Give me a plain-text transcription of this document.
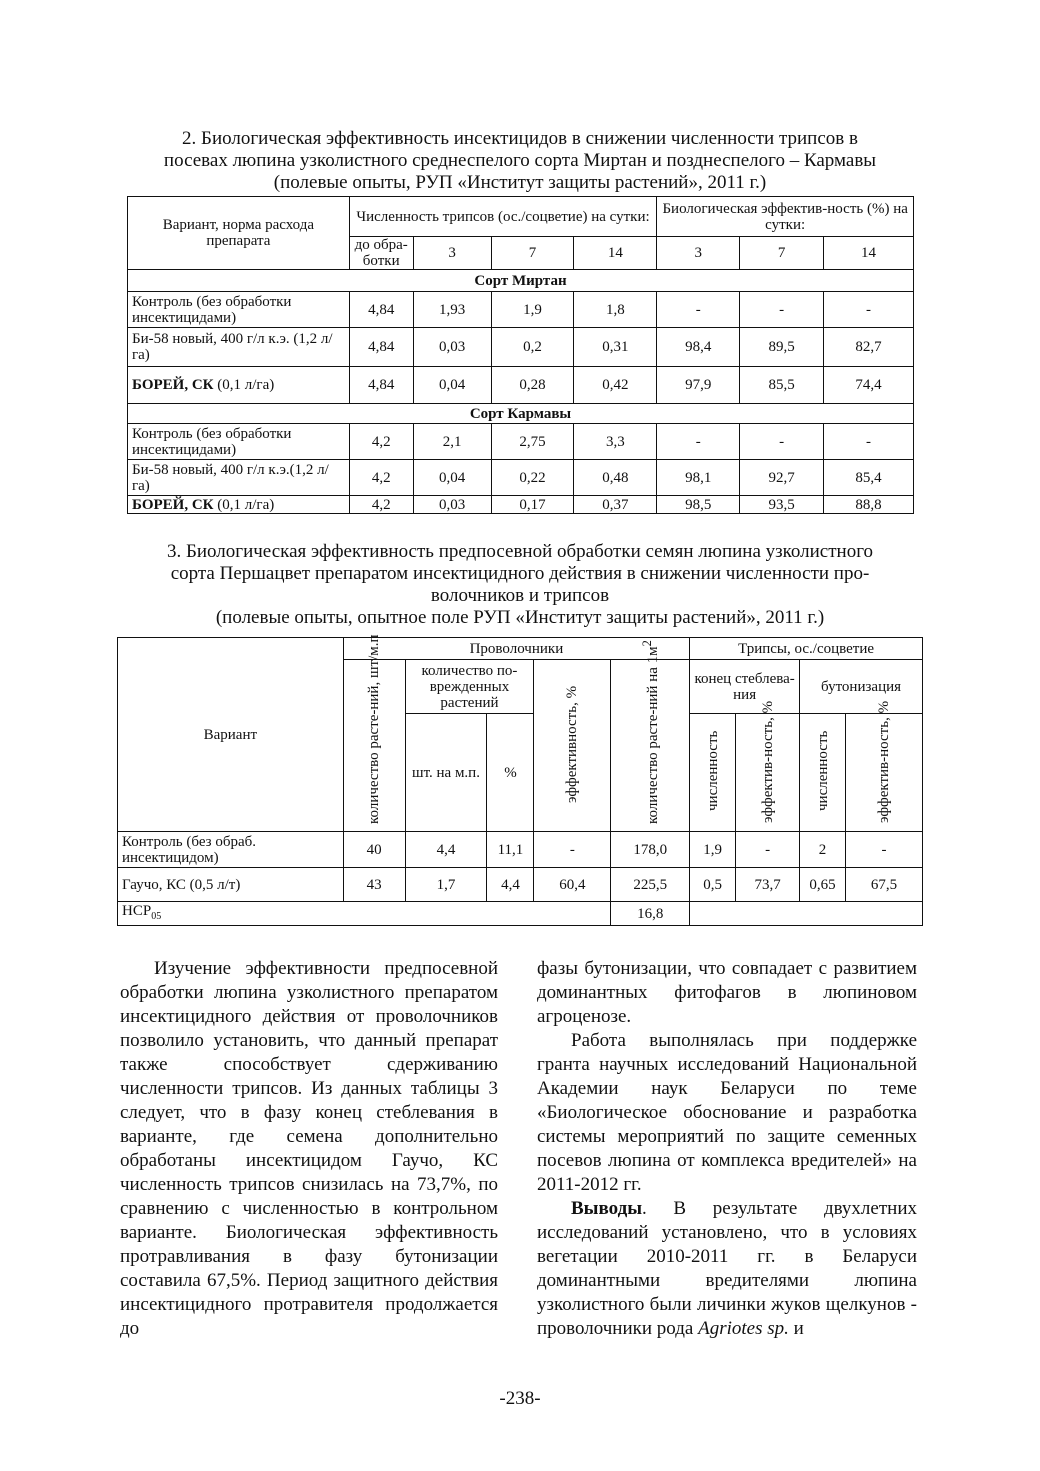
2. Биологическая эффективность инсектицидов в снижении численности трипсов в
посевах люпина узколистного среднеспелого сорта Миртан и позднеспелого – Кармавы
(полевые опыты, РУП «Институт защиты растений», 2011 г.)
Вариант, норма расхода препарата	Численность трипсов (ос./соцветие) на сутки:				Биологическая эффектив-ность (%) на сутки:		
	до обра-ботки	3	7	14	3	7	14
Сорт Миртан							
Контроль (без обработки инсектицидами)	4,84	1,93	1,9	1,8	-	-	-
Би-58 новый, 400 г/л к.э. (1,2 л/га)	4,84	0,03	0,2	0,31	98,4	89,5	82,7
БОРЕЙ, СК (0,1 л/га)	4,84	0,04	0,28	0,42	97,9	85,5	74,4
Сорт Кармавы							
Контроль (без обработки инсектицидами)	4,2	2,1	2,75	3,3	-	-	-
Би-58 новый, 400 г/л к.э.(1,2 л/га)	4,2	0,04	0,22	0,48	98,1	92,7	85,4
БОРЕЙ, СК (0,1 л/га)	4,2	0,03	0,17	0,37	98,5	93,5	88,8
3. Биологическая эффективность предпосевной обработки семян люпина узколистного
сорта Першацвет препаратом инсектицидного действия в снижении численности про-
волочников и трипсов
(полевые опыты, опытное поле РУП «Институт защиты растений», 2011 г.)
Вариант	Проволочники					Трипсы, ос./соцветие			
	количество расте-ний, шт/м.п	количество по-врежденных растений		эффективность, %	количество расте-ний на $1м^2$	конец стеблева-ния		бутонизация	
		шт. на м.п.	%			численность	эффектив-ность, %	численность	эффектив-ность, %
Контроль (без обраб. инсектицидом)	40	4,4	11,1	-	178,0	1,9	-	2	-
Гаучо, КС (0,5 л/т)	43	1,7	4,4	60,4	225,5	0,5	73,7	0,65	67,5
$НСР_{05}$					16,8				

Изучение эффективности предпосевной обработки люпина узколистного препаратом инсектицидного действия от проволочников позволило установить, что данный препарат также способствует сдерживанию численности трипсов. Из данных таблицы 3 следует, что в фазу конец стеблевания в варианте, где семена дополнительно обработаны инсектицидом Гаучо, КС численность трипсов снизилась на 73,7%, по сравнению с численностью в контрольном варианте. Биологическая эффективность протравливания в фазу бутонизации составила 67,5%. Период защитного действия инсектицидного протравителя продолжается до

фазы бутонизации, что совпадает с развитием доминантных фитофагов в люпиновом агроценозе.

Работа выполнялась при поддержке гранта научных исследований Национальной Академии наук Беларуси по теме «Биологическое обоснование и разработка системы мероприятий по защите семенных посевов люпина от комплекса вредителей» на 2011-2012 гг.

Выводы. В результате двухлетних исследований установлено, что в условиях вегетации 2010-2011 гг. в Беларуси доминантными вредителями люпина узколистного были личинки жуков щелкунов - проволочники рода Agriotes sp. и

-238-
